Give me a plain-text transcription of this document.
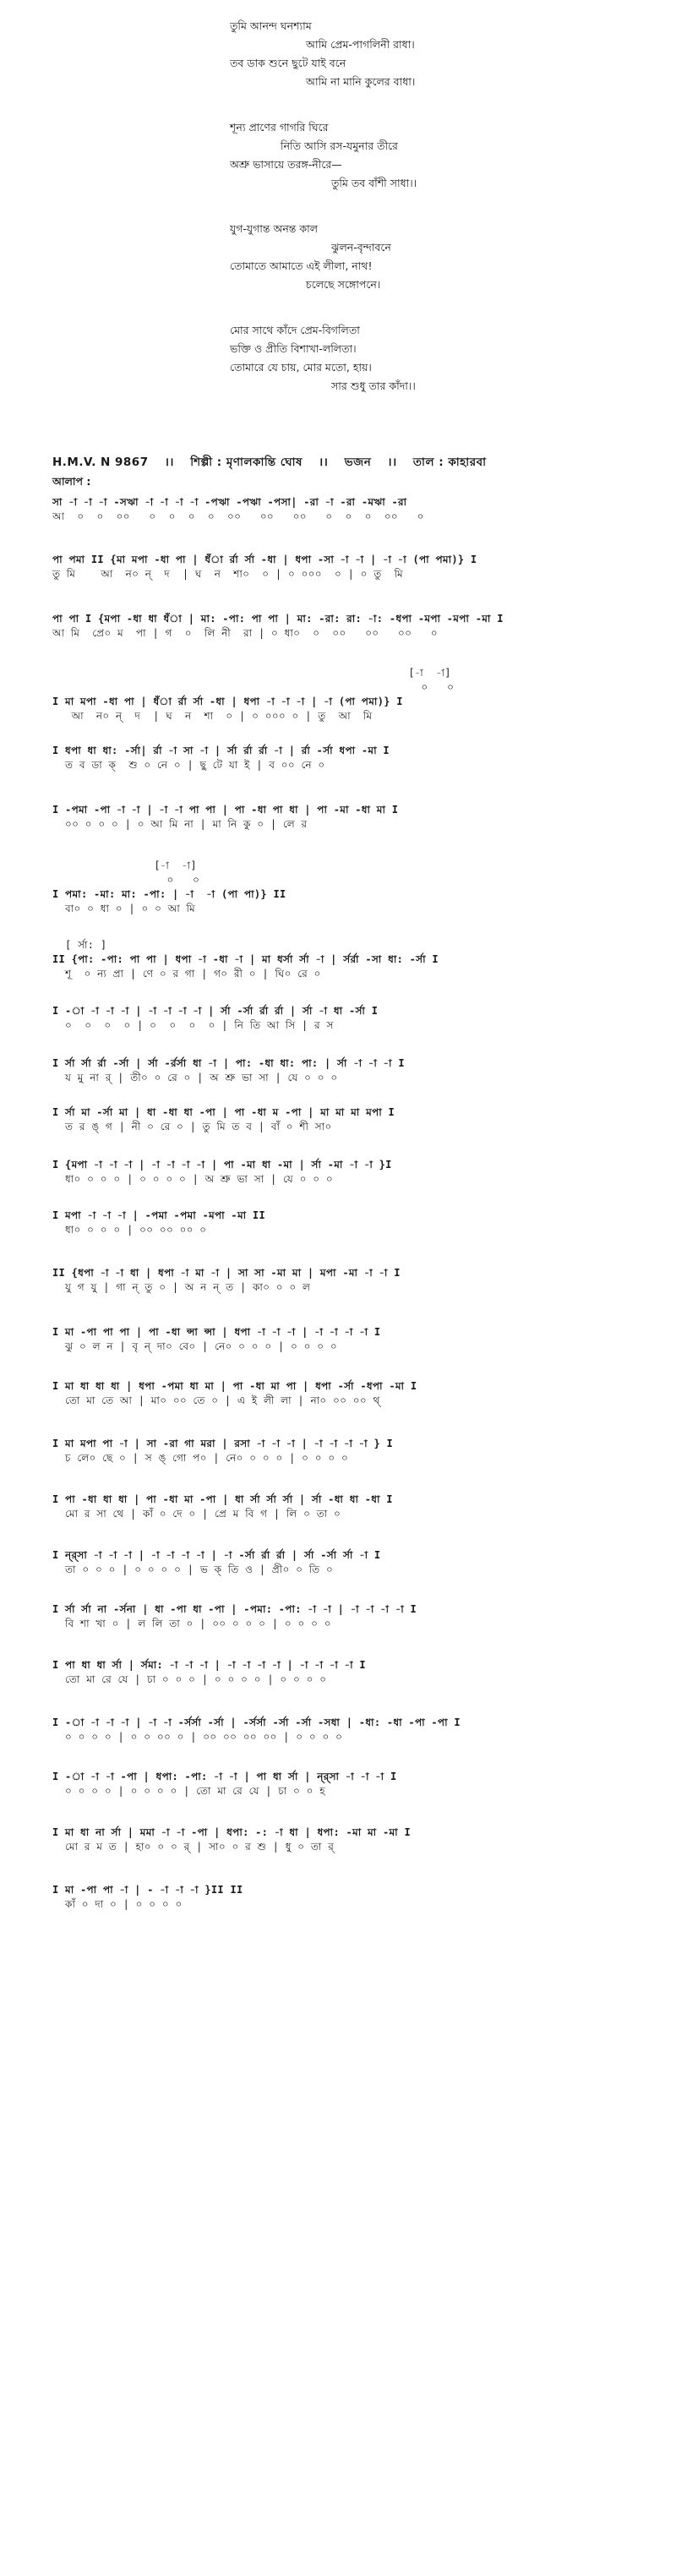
তুমি আনন্দ ঘনশ্যাম
আমি প্রেম-পাগলিনী রাধা।
তব ডাক শুনে ছুটে যাই বনে
আমি না মানি কুলের বাধা।
শূন্য প্রাণের গাগরি ঘিরে
নিতি আসি রস-যমুনার তীরে
অশ্রু ভাসায়ে তরঙ্গ-নীরে—
তুমি তব বাঁশী সাধা।।
যুগ-যুগান্ত অনন্ত কাল
ঝুলন-বৃন্দাবনে
তোমাতে আমাতে এই লীলা, নাথ!
চলেছে সঙ্গোপনে।
মোর সাথে কাঁদে প্রেম-বিগলিতা
ভক্তি ও প্রীতি বিশাখা-ললিতা।
তোমারে যে চায়, মোর মতো, হায়।
সার শুধু তার কাঁদা।।
H.M.V. N 9867 ।। শিল্পী : মৃণালকান্তি ঘোষ ।। ভজন ।। তাল : কাহারবা
আলাপ :
সা -া -া -া -সঋা -া -া -া -া -পঋা -পঋা -পসা| -রা -া -রা -মঋা -রা
আ  ০  ০  ০০   ০  ০  ০  ০  ০০   ০০   ০০   ০  ০  ০  ০০   ০
পা পমা II {মা মপা -ধা পা | ধঁা র্রা র্সা -ধা | ধপা -সা -া -া | -া -া (পা পমা)} I
তু মি    আ  ন০ ন্  দ  | ঘ  ন  শা০  ০ | ০ ০০০  ০ | ০ তু  মি
পা পা I {মপা -ধা ধা ধঁা | মা: -পা: পা পা | মা: -রা: রা: -া: -ধপা -মপা -মপা -মা I
আ মি  প্রে০ ম  পা | গ  ০  লি নী  রা | ০ ধা০  ০  ০০   ০০   ০০   ০
[-া  -া]
০   ০
I মা মপা -ধা পা | ধঁা র্রা র্সা -ধা | ধপা -া -া -া | -া (পা পমা)} I
আ  ন০ ন্  দ  | ঘ  ন  শা  ০ | ০ ০০০ ০ | তু  আ  মি
I ধপা ধা ধা: -র্সা| র্রা -া সা -া | র্সা র্রা র্রা -া | র্রা -র্সা ধপা -মা I
ত ব ডা ক্  শু ০ নে ০ | ছু টে যা ই | ব ০০ নে ০
I -পমা -পা -া -া | -া -া পা পা | পা -ধা পা ধা | পা -মা -ধা মা I
০০ ০ ০ ০ | ০ আ মি না | মা নি কু ০ | লে র
[-া  -া]
০   ০
I পমা: -মা: মা: -পা: | -া  -া (পা পা)} II
বা০ ০ ধা ০ | ০ ০ আ মি
[ র্সা: ]
II {পা: -পা: পা পা | ধপা -া -ধা -া | মা ধর্সা র্সা -া | র্সর্রা -সা ধা: -র্সা I
শূ  ০ ন্য প্রা | ণে ০ র গা | গ০ রী ০ | ঘি০ রে ০
I -া -া -া -া | -া -া -া -া | র্সা -র্সা র্রা র্রা | র্সা -া ধা -র্সা I
০  ০  ০  ০ | ০  ০  ০  ০ | নি তি আ সি | র স
I র্সা র্সা র্রা -র্সা | র্সা -র্রর্সা ধা -া | পা: -ধা ধা: পা: | র্সা -া -া -া I
য মু না র্ | তী০ ০ রে ০ | অ শ্রু ভা সা | যে ০ ০ ০
I র্সা মা -র্সা মা | ধা -ধা ধা -পা | পা -ধা ম -পা | মা মা মা মপা I
ত র ঙ্ গ | নী ০ রে ০ | তু মি ত ব | বাঁ ০ শী সা০
I {মপা -া -া -া | -া -া -া -া | পা -মা ধা -মা | র্সা -মা -া -া }I
ধা০ ০ ০ ০ | ০ ০ ০ ০ | অ শ্রু ভা সা | যে ০ ০ ০
I মপা -া -া -া | -পমা -পমা -মপা -মা II
ধা০ ০ ০ ০ | ০০ ০০ ০০ ০
II {ধপা -া -া ধা | ধপা -া মা -া | সা সা -মা মা | মপা -মা -া -া I
যু গ যু | গা ন্ তু ০ | অ ন ন্ ত | কা০ ০ ০ ল
I মা -পা পা পা | পা -ধা ন্সা ন্সা | ধপা -া -া -া | -া -া -া -া I
ঝু ০ ল ন | বৃ ন্ দা০ বে০ | নে০ ০ ০ ০ | ০ ০ ০ ০
I মা ধা ধা ধা | ধপা -পমা ধা মা | পা -ধা মা পা | ধপা -র্সা -ধপা -মা I
তো মা তে আ | মা০ ০০ তে ০ | এ ই লী লা | না০ ০০ ০০ থ্
I মা মপা পা -া | সা -রা গা মরা | রসা -া -া -া | -া -া -া -া } I
চ লে০ ছে ০ | স ঙ্ গো প০ | নে০ ০ ০ ০ | ০ ০ ০ ০
I পা -ধা ধা ধা | পা -ধা মা -পা | ধা র্সা র্সা র্সা | র্সা -ধা ধা -ধা I
মো র সা থে | কাঁ ০ দে ০ | প্রে ম বি গ | লি ০ তা ০
I ন্র্সা -া -া -া | -া -া -া -া | -া -র্সা র্রা র্রা | র্সা -র্সা র্সা -া I
তা ০ ০ ০ | ০ ০ ০ ০ | ভ ক্ তি ও | প্রী০ ০ তি ০
I র্সা র্সা না -র্সনা | ধা -পা ধা -পা | -পমা: -পা: -া -া | -া -া -া -া I
বি শা খা ০ | ল লি তা ০ | ০০ ০ ০ ০ | ০ ০ ০ ০
I পা ধা ধা র্সা | র্সমা: -া -া -া | -া -া -া -া | -া -া -া -া I
তো মা রে যে | চা ০ ০ ০ | ০ ০ ০ ০ | ০ ০ ০ ০
I -া -া -া -া | -া -া -র্সর্সা -র্সা | -র্সর্সা -র্সা -র্সা -সধা | -ধা: -ধা -পা -পা I
০ ০ ০ ০ | ০ ০ ০০ ০ | ০০ ০০ ০০ ০০ | ০ ০ ০ ০
I -া -া -া -পা | ধপা: -পা: -া -া | পা ধা র্সা | ন্র্সা -া -া -া I
০ ০ ০ ০ | ০ ০ ০ ০ | তো মা রে যে | চা ০ ০ হ
I মা ধা না র্সা | মমা -া -া -পা | ধপা: -: -া ধা | ধপা: -মা মা -মা I
মো র ম ত | হা০ ০ ০ র্ | সা০ ০ র শু | ধু ০ তা র্
I মা -পা পা -া | - -া -া -া }II II
কাঁ ০ দা ০ | ০ ০ ০ ০
